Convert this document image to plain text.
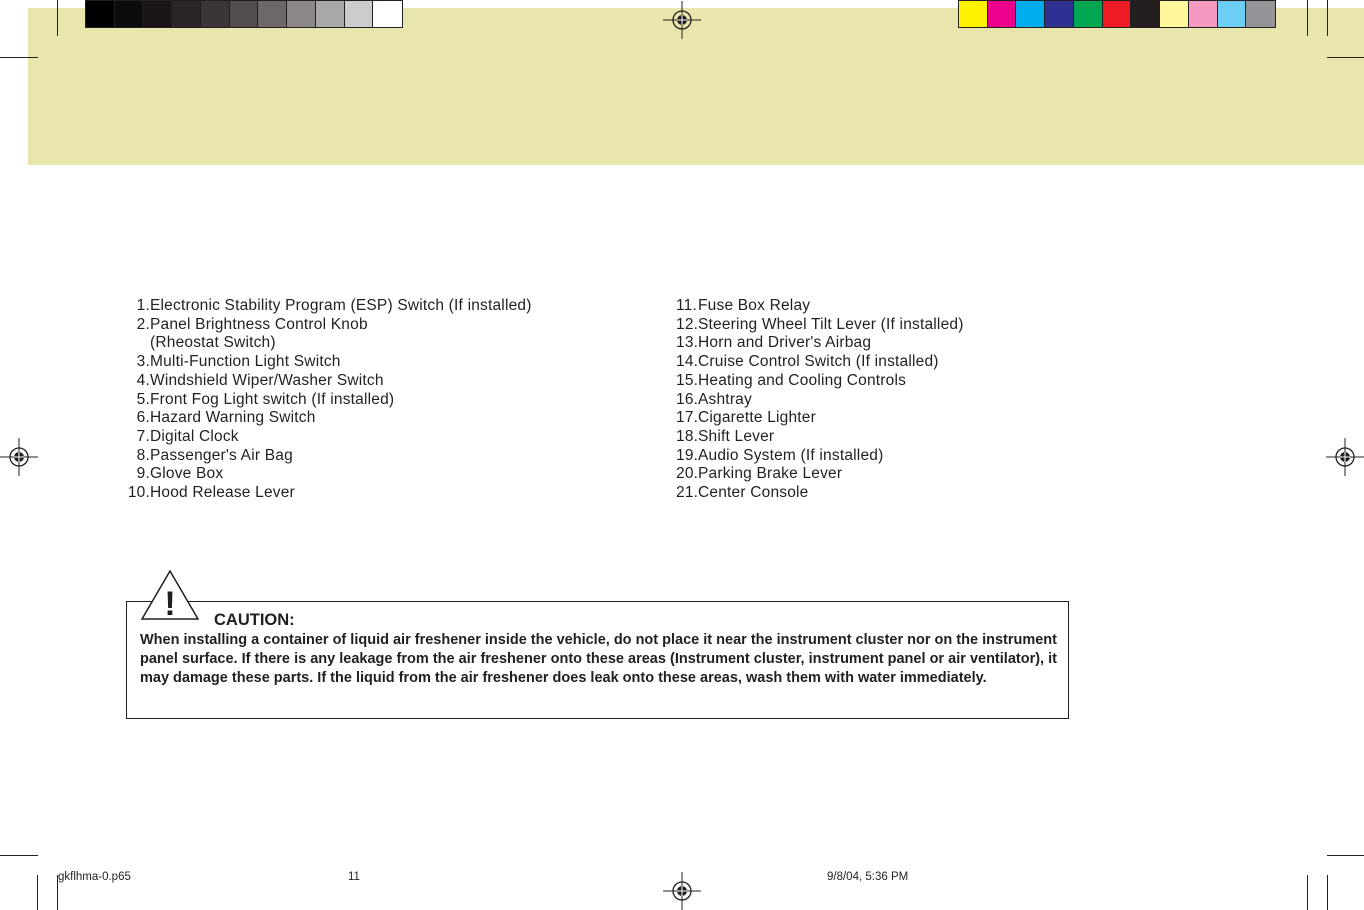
1. Electronic Stability Program (ESP) Switch (If installed)
2. Panel Brightness Control Knob
(Rheostat Switch)
3. Multi-Function Light Switch
4. Windshield Wiper/Washer Switch
5. Front Fog Light switch (If installed)
6. Hazard Warning Switch
7. Digital Clock
8. Passenger's Air Bag
9. Glove Box
10. Hood Release Lever
11. Fuse Box Relay
12. Steering Wheel Tilt Lever (If installed)
13. Horn and Driver's Airbag
14. Cruise Control Switch (If installed)
15. Heating and Cooling Controls
16. Ashtray
17. Cigarette Lighter
18. Shift Lever
19. Audio System (If installed)
20. Parking Brake Lever
21. Center Console
! CAUTION:
When installing a container of liquid air freshener inside the vehicle, do not place it near the instrument cluster nor on the instrument panel surface. If there is any leakage from the air freshener onto these areas (Instrument cluster, instrument panel or air ventilator), it may damage these parts. If the liquid from the air freshener does leak onto these areas, wash them with water immediately.
gkflhma-0.p65	11	9/8/04, 5:36 PM
